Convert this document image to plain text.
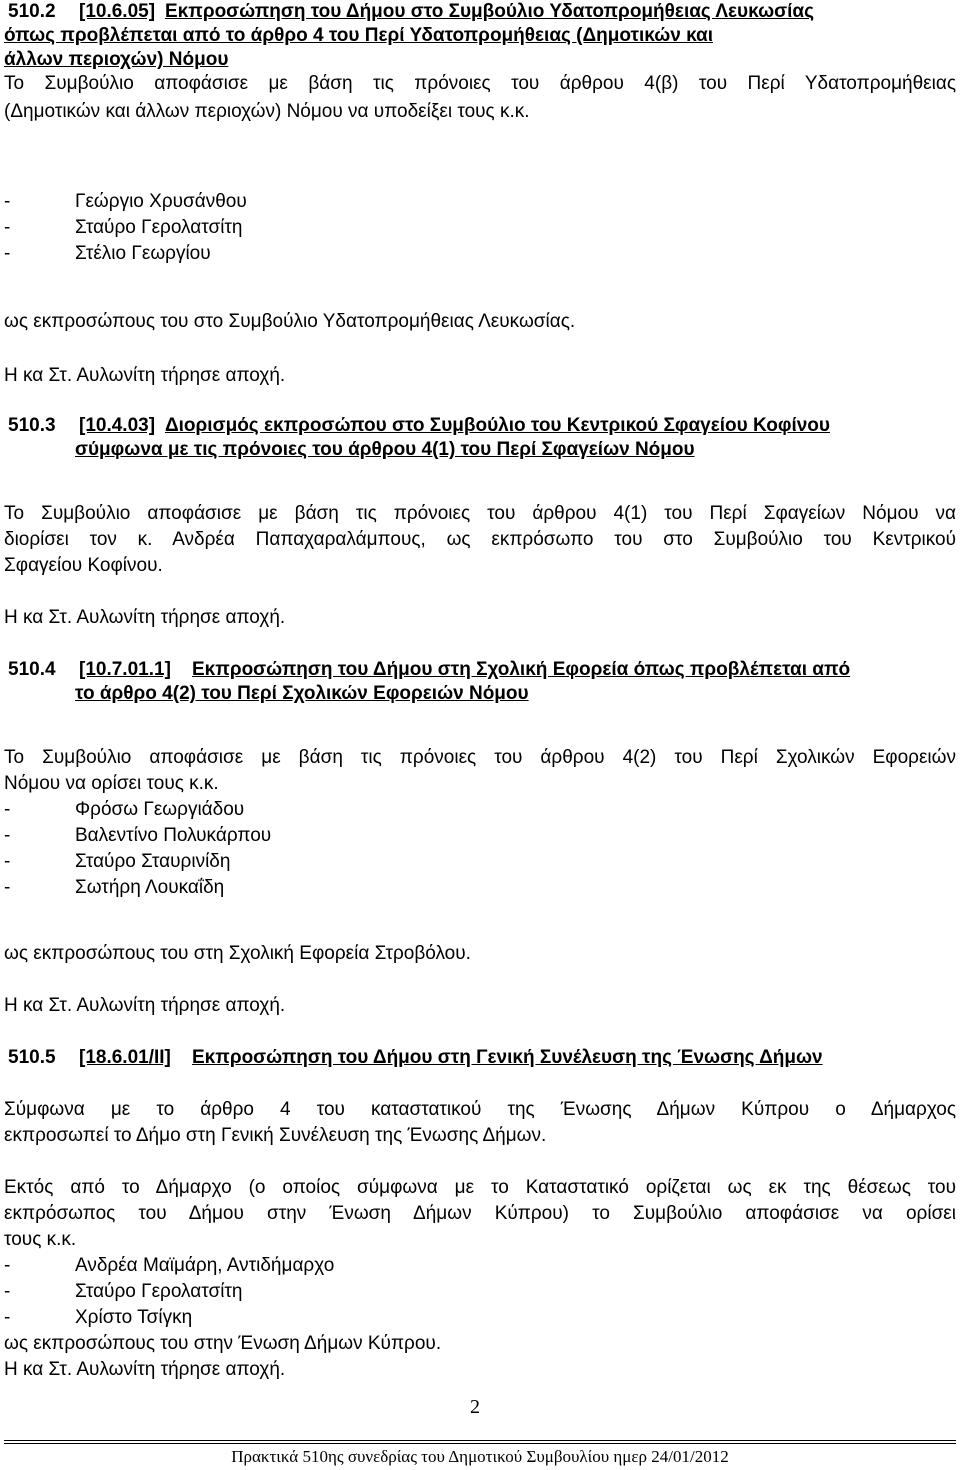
510.2 [10.6.05] Εκπροσώπηση του Δήμου στο Συμβούλιο Υδατοπρομήθειας Λευκωσίας
όπως προβλέπεται από το άρθρο 4 του Περί Υδατοπρομήθειας (Δημοτικών και
άλλων περιοχών) Νόμου
Το Συμβούλιο αποφάσισε με βάση τις πρόνοιες του άρθρου 4(β) του Περί Υδατοπρομήθειας
(Δημοτικών και άλλων περιοχών) Νόμου να υποδείξει τους κ.κ.
-	Γεώργιο Χρυσάνθου
-	Σταύρο Γερολατσίτη
-	Στέλιο Γεωργίου
ως εκπροσώπους του στο Συμβούλιο Υδατοπρομήθειας Λευκωσίας.
Η κα Στ. Αυλωνίτη τήρησε αποχή.
510.3 [10.4.03] Διορισμός εκπροσώπου στο Συμβούλιο του Κεντρικού Σφαγείου Κοφίνου
σύμφωνα με τις πρόνοιες του άρθρου 4(1) του Περί Σφαγείων Νόμου
Το Συμβούλιο αποφάσισε με βάση τις πρόνοιες του άρθρου 4(1) του Περί Σφαγείων Νόμου να
διορίσει τον κ. Ανδρέα Παπαχαραλάμπους, ως εκπρόσωπο του στο Συμβούλιο του Κεντρικού
Σφαγείου Κοφίνου.
Η κα Στ. Αυλωνίτη τήρησε αποχή.
510.4 [10.7.01.1] Εκπροσώπηση του Δήμου στη Σχολική Εφορεία όπως προβλέπεται από
το άρθρο 4(2) του Περί Σχολικών Εφορειών Νόμου
Το Συμβούλιο αποφάσισε με βάση τις πρόνοιες του άρθρου 4(2) του Περί Σχολικών Εφορειών
Νόμου να ορίσει τους κ.κ.
-	Φρόσω Γεωργιάδου
-	Βαλεντίνο Πολυκάρπου
-	Σταύρο Σταυρινίδη
-	Σωτήρη Λουκαΐδη
ως εκπροσώπους του στη Σχολική Εφορεία Στροβόλου.
Η κα Στ. Αυλωνίτη τήρησε αποχή.
510.5 [18.6.01/ΙΙ] Εκπροσώπηση του Δήμου στη Γενική Συνέλευση της Ένωσης Δήμων
Σύμφωνα με το άρθρο 4 του καταστατικού της Ένωσης Δήμων Κύπρου ο Δήμαρχος
εκπροσωπεί το Δήμο στη Γενική Συνέλευση της Ένωσης Δήμων.
Εκτός από το Δήμαρχο (ο οποίος σύμφωνα με το Καταστατικό ορίζεται ως εκ της θέσεως του
εκπρόσωπος του Δήμου στην Ένωση Δήμων Κύπρου) το Συμβούλιο αποφάσισε να ορίσει
τους κ.κ.
-	Ανδρέα Μαϊμάρη, Αντιδήμαρχο
-	Σταύρο Γερολατσίτη
-	Χρίστο Τσίγκη
ως εκπροσώπους του στην Ένωση Δήμων Κύπρου.
Η κα Στ. Αυλωνίτη τήρησε αποχή.
2
Πρακτικά 510ης συνεδρίας του Δημοτικού Συμβουλίου ημερ 24/01/2012
